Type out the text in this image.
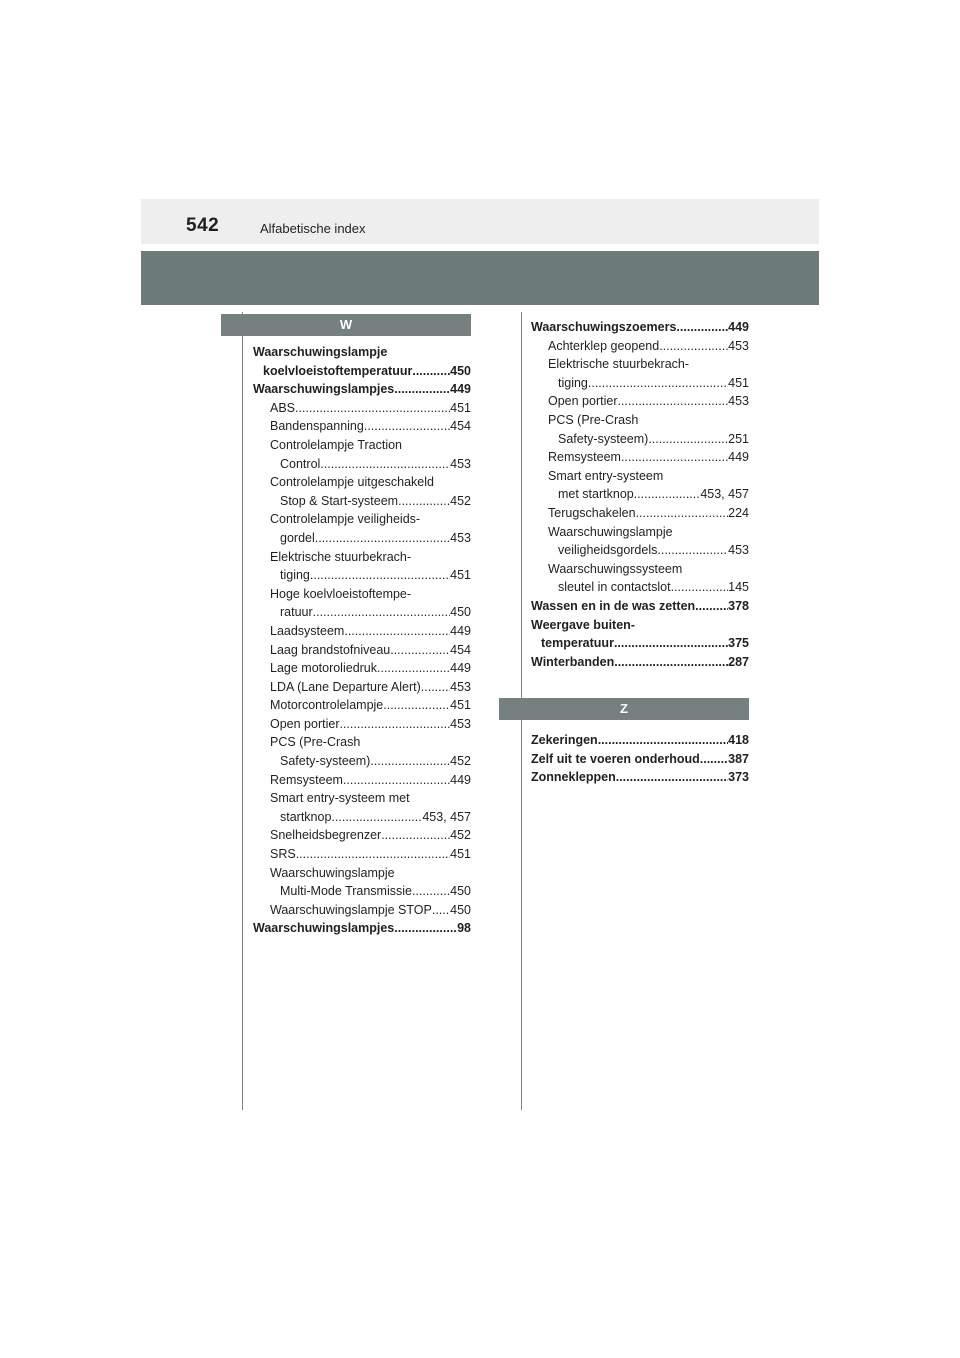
542	Alfabetische index
W
Waarschuwingslampje
koelvloeistoftemperatuur .....	450
Waarschuwingslampjes .....	449
ABS .....	451
Bandenspanning .....	454
Controlelampje Traction
Control .....	453
Controlelampje uitgeschakeld
Stop & Start-systeem .....	452
Controlelampje veiligheids-
gordel .....	453
Elektrische stuurbekrach-
tiging .....	451
Hoge koelvloeistoftempe-
ratuur .....	450
Laadsysteem .....	449
Laag brandstofniveau .....	454
Lage motoroliedruk .....	449
LDA (Lane Departure Alert) ..... 453
Motorcontrolelampje .....	451
Open portier .....	453
PCS (Pre-Crash
Safety-systeem) .....	452
Remsysteem .....	449
Smart entry-systeem met
startknop .....	453, 457
Snelheidsbegrenzer .....	452
SRS .....	451
Waarschuwingslampje
Multi-Mode Transmissie .....	450
Waarschuwingslampje STOP ..... 450
Waarschuwingslampjes .....	98
Waarschuwingszoemers .....	449
Achterklep geopend .....	453
Elektrische stuurbekrach-
tiging .....	451
Open portier .....	453
PCS (Pre-Crash
Safety-systeem) .....	251
Remsysteem .....	449
Smart entry-systeem
met startknop .....	453, 457
Terugschakelen .....	224
Waarschuwingslampje
veiligheidsgordels .....	453
Waarschuwingssysteem
sleutel in contactslot .....	145
Wassen en in de was zetten .....	378
Weergave buiten-
temperatuur .....	375
Winterbanden .....	287
Z
Zekeringen .....	418
Zelf uit te voeren onderhoud ..... 387
Zonnekleppen .....	373
